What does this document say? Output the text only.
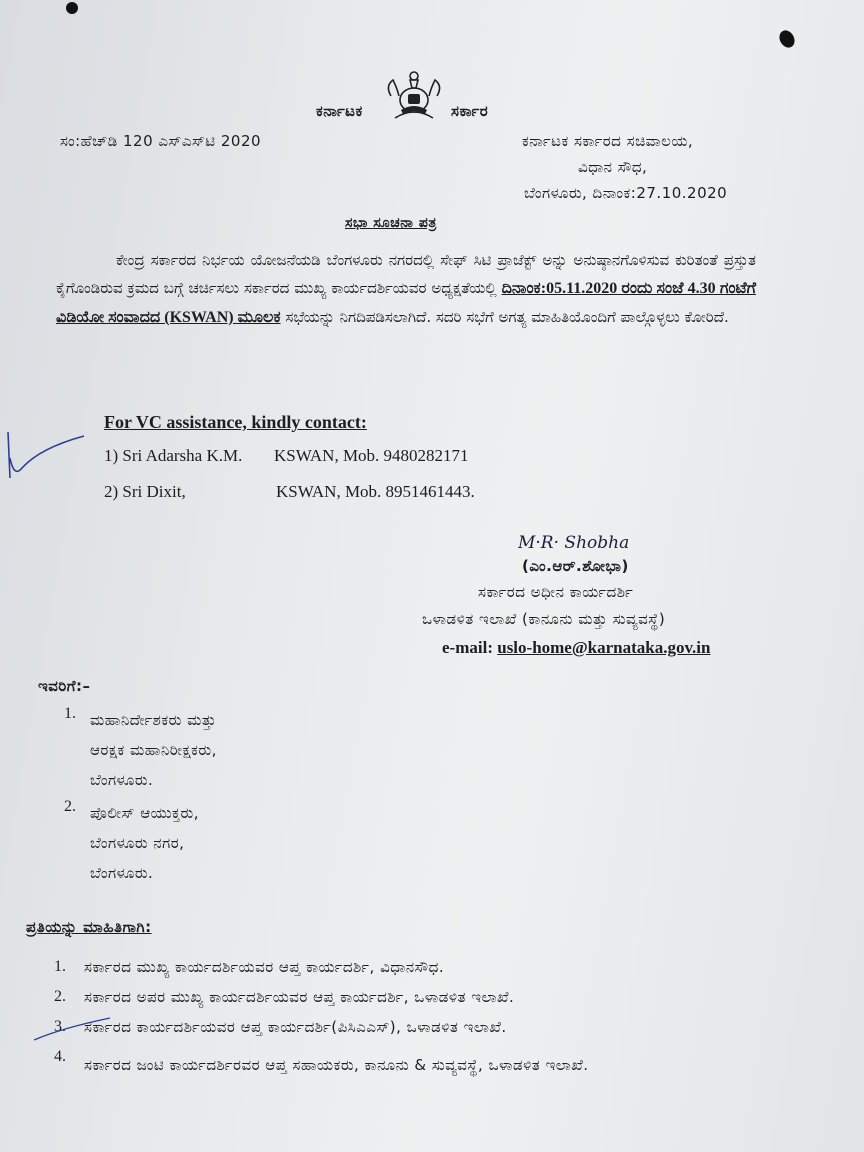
ಕರ್ನಾಟಕ	ಸರ್ಕಾರ
ಸಂ:ಹೆಚ್‌ಡಿ 120 ಎಸ್‌ಎಸ್‌ಟಿ 2020	ಕರ್ನಾಟಕ ಸರ್ಕಾರದ ಸಚಿವಾಲಯ,
ವಿಧಾನ ಸೌಧ,
ಬೆಂಗಳೂರು, ದಿನಾಂಕ:27.10.2020
ಸಭಾ ಸೂಚನಾ ಪತ್ರ
ಕೇಂದ್ರ ಸರ್ಕಾರದ ನಿರ್ಭಯ ಯೋಜನೆಯಡಿ ಬೆಂಗಳೂರು ನಗರದಲ್ಲಿ ಸೇಫ್ ಸಿಟಿ ಪ್ರಾಜೆಕ್ಟ್ ಅನ್ನು ಅನುಷ್ಠಾನಗೊಳಿಸುವ ಕುರಿತಂತೆ ಪ್ರಸ್ತುತ ಕೈಗೊಂಡಿರುವ ಕ್ರಮದ ಬಗ್ಗೆ ಚರ್ಚಿಸಲು ಸರ್ಕಾರದ ಮುಖ್ಯ ಕಾರ್ಯದರ್ಶಿಯವರ ಅಧ್ಯಕ್ಷತೆಯಲ್ಲಿ ದಿನಾಂಕ:05.11.2020 ರಂದು ಸಂಜೆ 4.30 ಗಂಟೆಗೆ ವಿಡಿಯೋ ಸಂವಾದದ (KSWAN) ಮೂಲಕ ಸಭೆಯನ್ನು ನಿಗದಿಪಡಿಸಲಾಗಿದೆ. ಸದರಿ ಸಭೆಗೆ ಅಗತ್ಯ ಮಾಹಿತಿಯೊಂದಿಗೆ ಪಾಲ್ಗೊಳ್ಳಲು ಕೋರಿದೆ.
For VC assistance, kindly contact:
1) Sri Adarsha K.M. KSWAN, Mob. 9480282171
2) Sri Dixit,	KSWAN, Mob. 8951461443.
M·R· Shobha
(ಎಂ.ಆರ್.ಶೋಭಾ)
ಸರ್ಕಾರದ ಅಧೀನ ಕಾರ್ಯದರ್ಶಿ
ಒಳಾಡಳಿತ ಇಲಾಖೆ (ಕಾನೂನು ಮತ್ತು ಸುವ್ಯವಸ್ಥೆ)
e-mail: uslo-home@karnataka.gov.in
ಇವರಿಗೆ:–
1. ಮಹಾನಿರ್ದೇಶಕರು ಮತ್ತು
ಆರಕ್ಷಕ ಮಹಾನಿರೀಕ್ಷಕರು,
ಬೆಂಗಳೂರು.
2. ಪೊಲೀಸ್ ಆಯುಕ್ತರು,
ಬೆಂಗಳೂರು ನಗರ,
ಬೆಂಗಳೂರು.
ಪ್ರತಿಯನ್ನು ಮಾಹಿತಿಗಾಗಿ:
1. ಸರ್ಕಾರದ ಮುಖ್ಯ ಕಾರ್ಯದರ್ಶಿಯವರ ಆಪ್ತ ಕಾರ್ಯದರ್ಶಿ, ವಿಧಾನಸೌಧ.
2. ಸರ್ಕಾರದ ಅಪರ ಮುಖ್ಯ ಕಾರ್ಯದರ್ಶಿಯವರ ಆಪ್ತ ಕಾರ್ಯದರ್ಶಿ, ಒಳಾಡಳಿತ ಇಲಾಖೆ.
3. ಸರ್ಕಾರದ ಕಾರ್ಯದರ್ಶಿಯವರ ಆಪ್ತ ಕಾರ್ಯದರ್ಶಿ(ಪಿಸಿಎಎಸ್), ಒಳಾಡಳಿತ ಇಲಾಖೆ.
4. ಸರ್ಕಾರದ ಜಂಟಿ ಕಾರ್ಯದರ್ಶಿರವರ ಆಪ್ತ ಸಹಾಯಕರು, ಕಾನೂನು & ಸುವ್ಯವಸ್ಥೆ, ಒಳಾಡಳಿತ ಇಲಾಖೆ.
